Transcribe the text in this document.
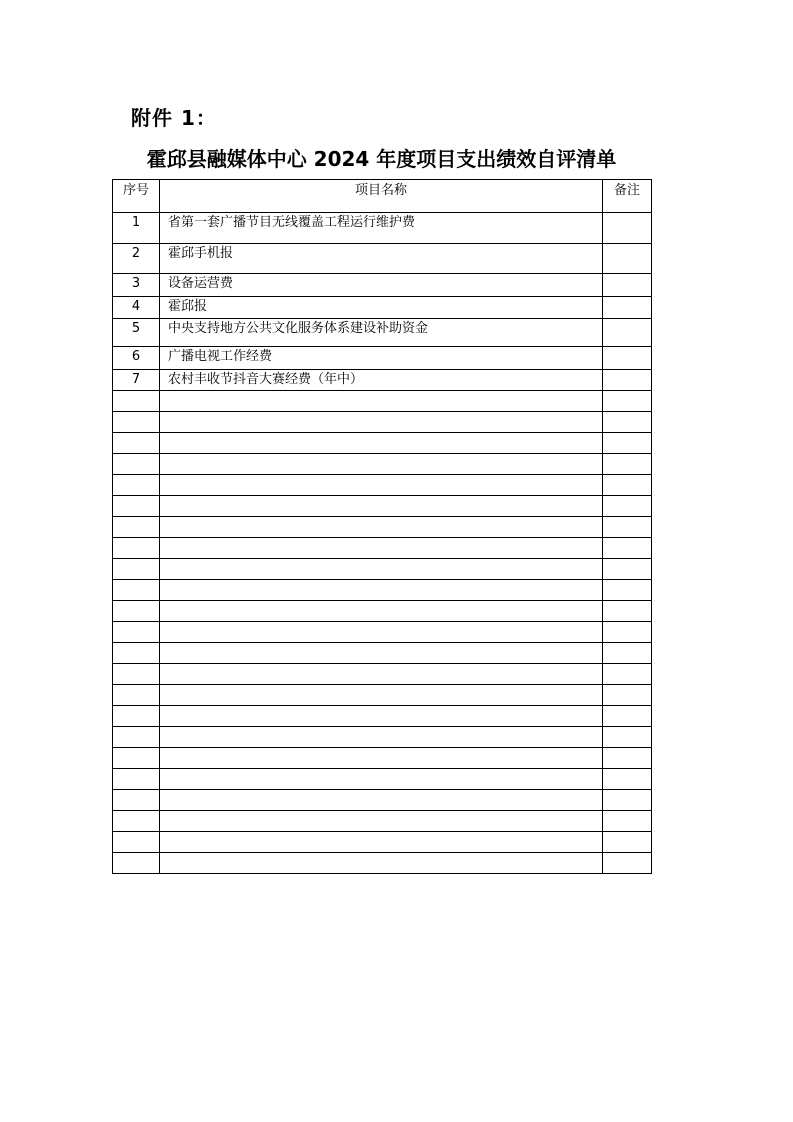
附件 1：
霍邱县融媒体中心 2024 年度项目支出绩效自评清单
序号	项目名称	备注
1	省第一套广播节目无线覆盖工程运行维护费	
2	霍邱手机报	
3	设备运营费	
4	霍邱报	
5	中央支持地方公共文化服务体系建设补助资金	
6	广播电视工作经费	
7	农村丰收节抖音大赛经费（年中）	
